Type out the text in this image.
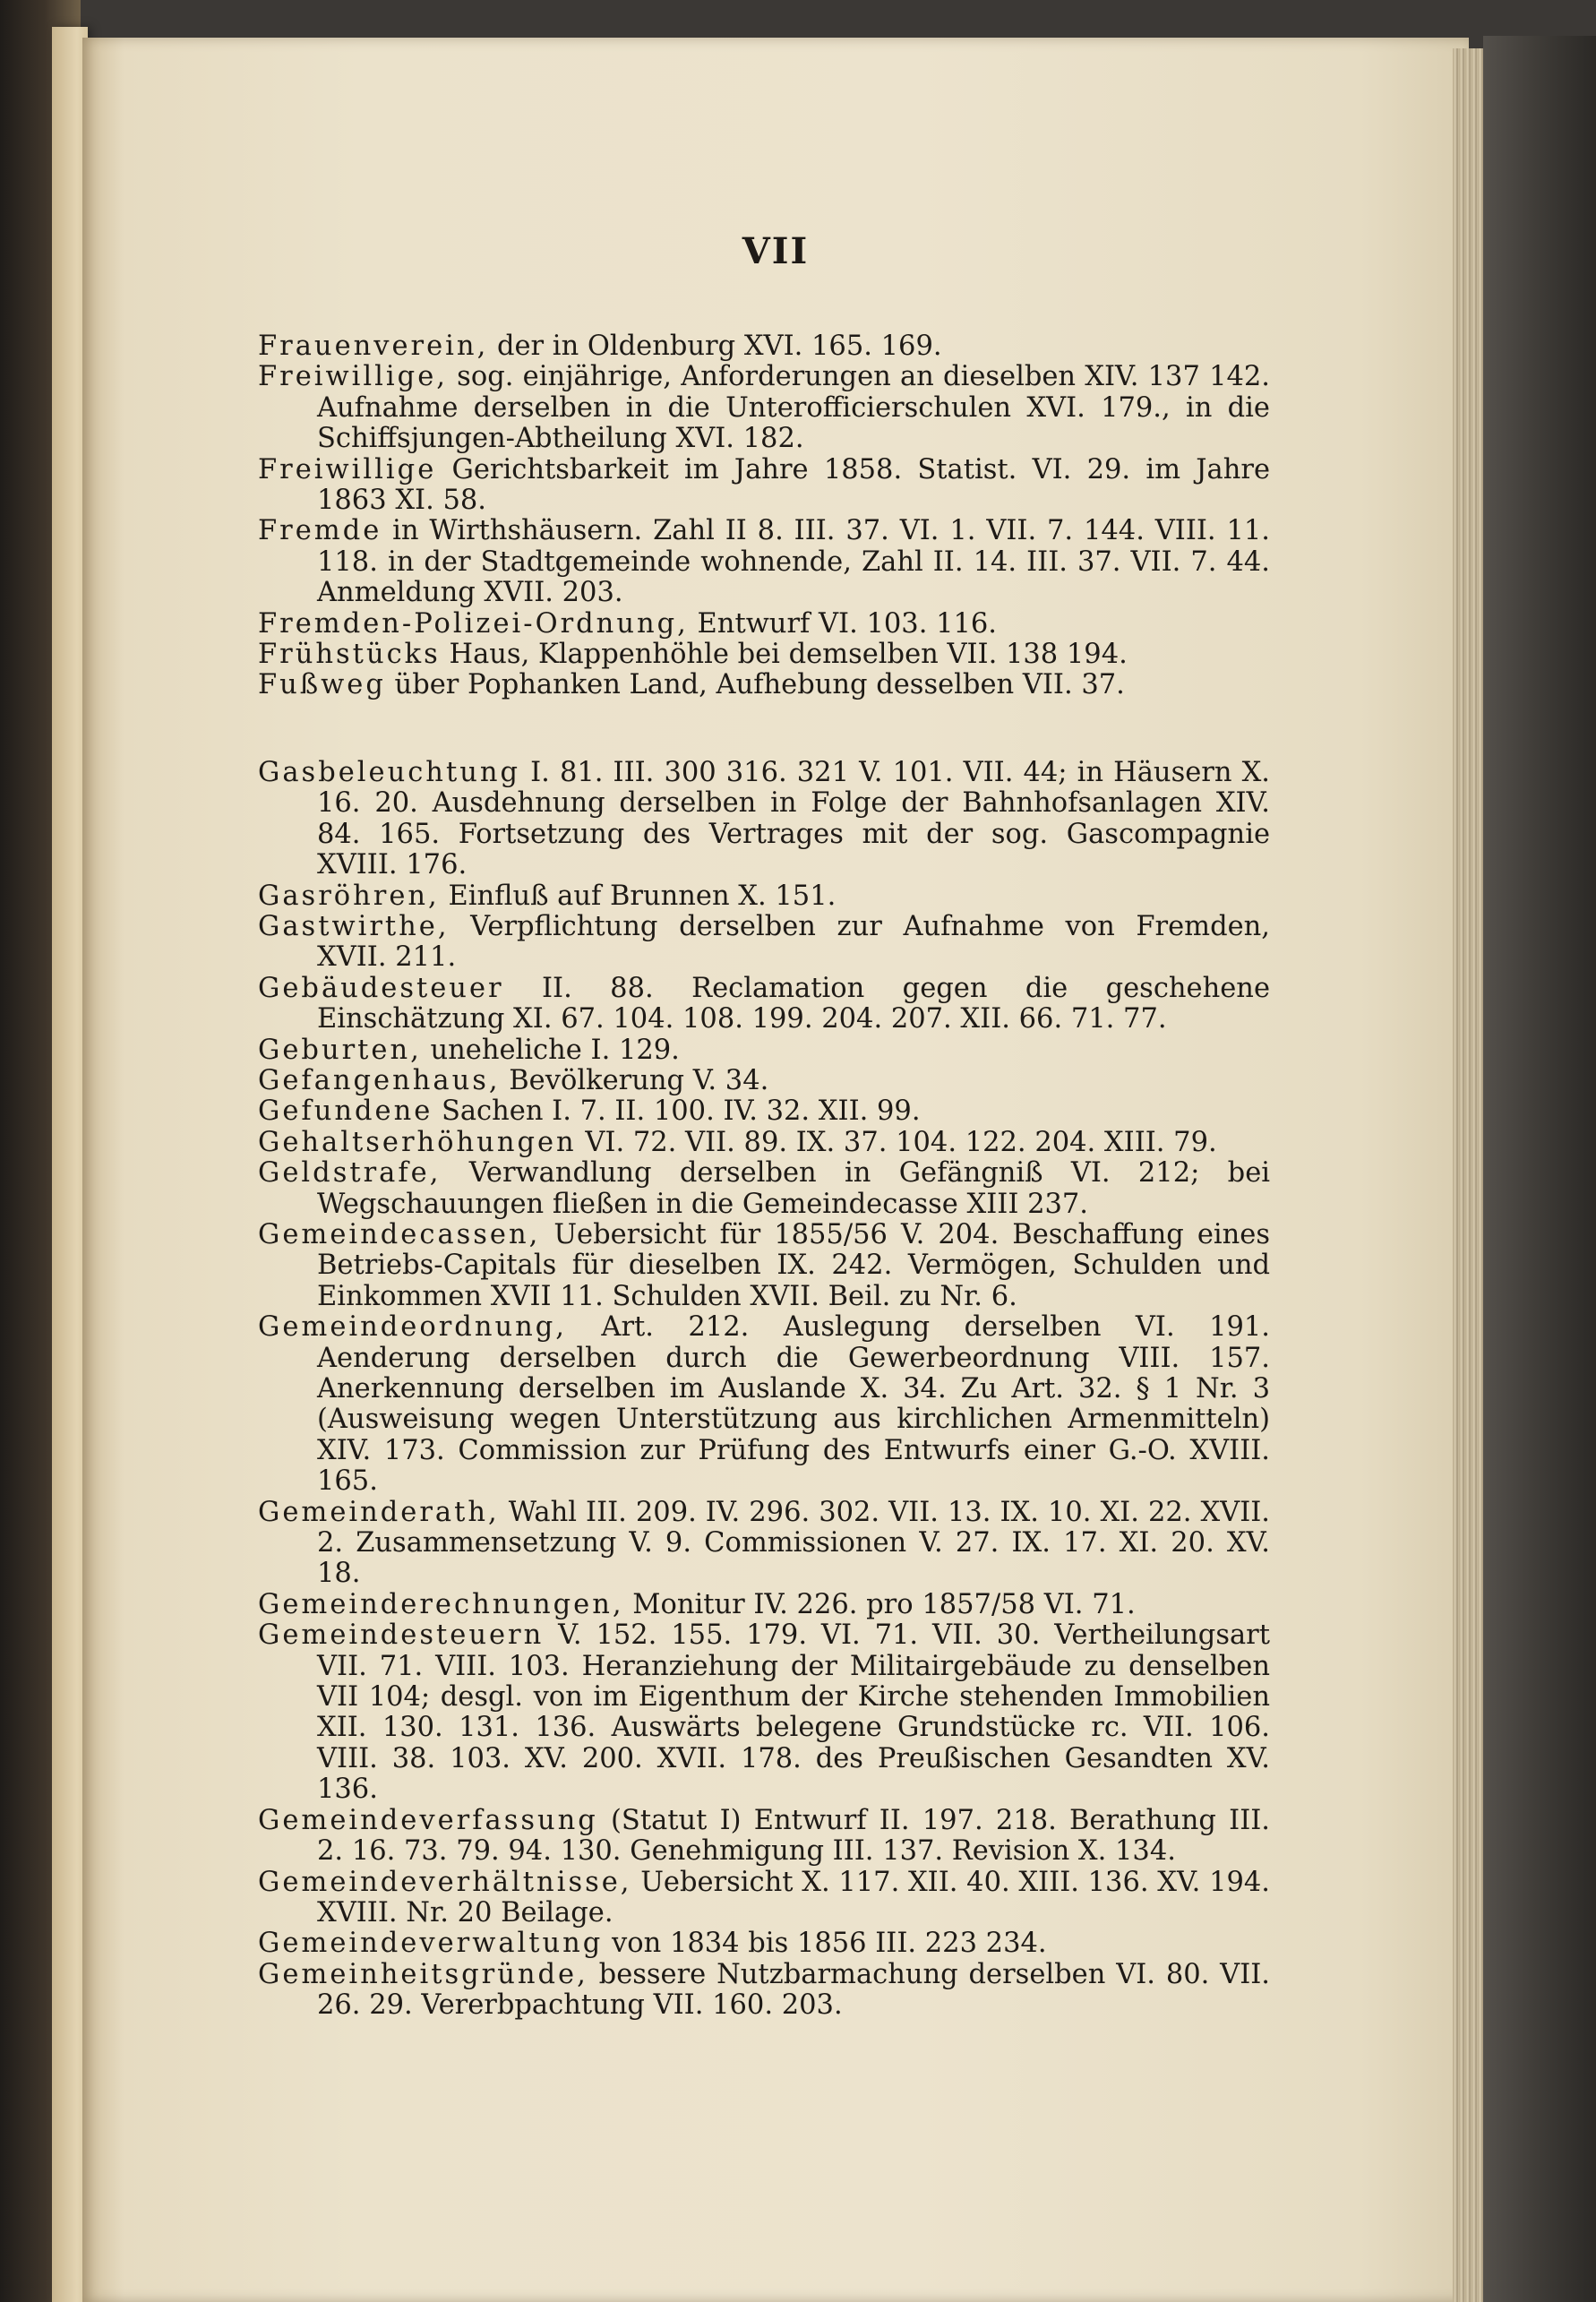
VII
Frauenverein, der in Oldenburg XVI. 165. 169.
Freiwillige, sog. einjährige, Anforderungen an dieselben XIV. 137 142. Aufnahme derselben in die Unterofficierschulen XVI. 179., in die Schiffsjungen-Abtheilung XVI. 182.
Freiwillige Gerichtsbarkeit im Jahre 1858. Statist. VI. 29. im Jahre 1863 XI. 58.
Fremde in Wirthshäusern. Zahl II 8. III. 37. VI. 1. VII. 7. 144. VIII. 11. 118. in der Stadtgemeinde wohnende, Zahl II. 14. III. 37. VII. 7. 44. Anmeldung XVII. 203.
Fremden-Polizei-Ordnung, Entwurf VI. 103. 116.
Frühstücks Haus, Klappenhöhle bei demselben VII. 138 194.
Fußweg über Pophanken Land, Aufhebung desselben VII. 37.
Gasbeleuchtung I. 81. III. 300 316. 321 V. 101. VII. 44; in Häusern X. 16. 20. Ausdehnung derselben in Folge der Bahnhofsanlagen XIV. 84. 165. Fortsetzung des Vertrages mit der sog. Gascompagnie XVIII. 176.
Gasröhren, Einfluß auf Brunnen X. 151.
Gastwirthe, Verpflichtung derselben zur Aufnahme von Fremden, XVII. 211.
Gebäudesteuer II. 88. Reclamation gegen die geschehene Einschätzung XI. 67. 104. 108. 199. 204. 207. XII. 66. 71. 77.
Geburten, uneheliche I. 129.
Gefangenhaus, Bevölkerung V. 34.
Gefundene Sachen I. 7. II. 100. IV. 32. XII. 99.
Gehaltserhöhungen VI. 72. VII. 89. IX. 37. 104. 122. 204. XIII. 79.
Geldstrafe, Verwandlung derselben in Gefängniß VI. 212; bei Wegschauungen fließen in die Gemeindecasse XIII 237.
Gemeindecassen, Uebersicht für 1855/56 V. 204. Beschaffung eines Betriebs-Capitals für dieselben IX. 242. Vermögen, Schulden und Einkommen XVII 11. Schulden XVII. Beil. zu Nr. 6.
Gemeindeordnung, Art. 212. Auslegung derselben VI. 191. Aenderung derselben durch die Gewerbeordnung VIII. 157. Anerkennung derselben im Auslande X. 34. Zu Art. 32. § 1 Nr. 3 (Ausweisung wegen Unterstützung aus kirchlichen Armenmitteln) XIV. 173. Commission zur Prüfung des Entwurfs einer G.-O. XVIII. 165.
Gemeinderath, Wahl III. 209. IV. 296. 302. VII. 13. IX. 10. XI. 22. XVII. 2. Zusammensetzung V. 9. Commissionen V. 27. IX. 17. XI. 20. XV. 18.
Gemeinderechnungen, Monitur IV. 226. pro 1857/58 VI. 71.
Gemeindesteuern V. 152. 155. 179. VI. 71. VII. 30. Vertheilungsart VII. 71. VIII. 103. Heranziehung der Militairgebäude zu denselben VII 104; desgl. von im Eigenthum der Kirche stehenden Immobilien XII. 130. 131. 136. Auswärts belegene Grundstücke rc. VII. 106. VIII. 38. 103. XV. 200. XVII. 178. des Preußischen Gesandten XV. 136.
Gemeindeverfassung (Statut I) Entwurf II. 197. 218. Berathung III. 2. 16. 73. 79. 94. 130. Genehmigung III. 137. Revision X. 134.
Gemeindeverhältnisse, Uebersicht X. 117. XII. 40. XIII. 136. XV. 194. XVIII. Nr. 20 Beilage.
Gemeindeverwaltung von 1834 bis 1856 III. 223 234.
Gemeinheitsgründe, bessere Nutzbarmachung derselben VI. 80. VII. 26. 29. Vererbpachtung VII. 160. 203.
